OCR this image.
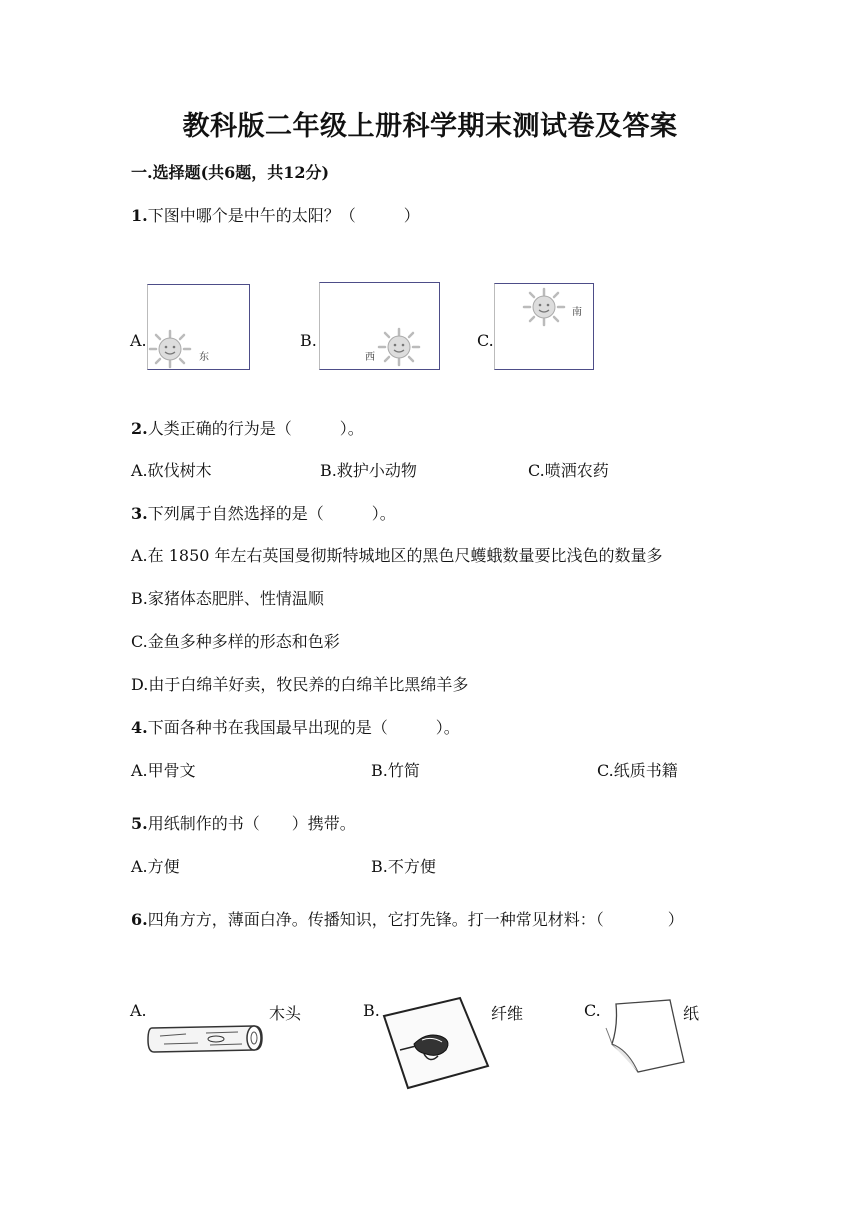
教科版二年级上册科学期末测试卷及答案
一.选择题(共6题，共12分)
1.下图中哪个是中午的太阳？（　　　）
A.
东
B.
西
C.
南
2.人类正确的行为是（　　　）。
A.砍伐树木	B.救护小动物	C.喷洒农药
3.下列属于自然选择的是（　　　）。
A.在 1850 年左右英国曼彻斯特城地区的黑色尺蠖蛾数量要比浅色的数量多
B.家猪体态肥胖、性情温顺
C.金鱼多种多样的形态和色彩
D.由于白绵羊好卖，牧民养的白绵羊比黑绵羊多
4.下面各种书在我国最早出现的是（　　　）。
A.甲骨文	B.竹简	C.纸质书籍
5.用纸制作的书（　　）携带。
A.方便	B.不方便
6.四角方方，薄面白净。传播知识，它打先锋。打一种常见材料：（　　　　）
A.	木头	B.	纤维	C.	纸
